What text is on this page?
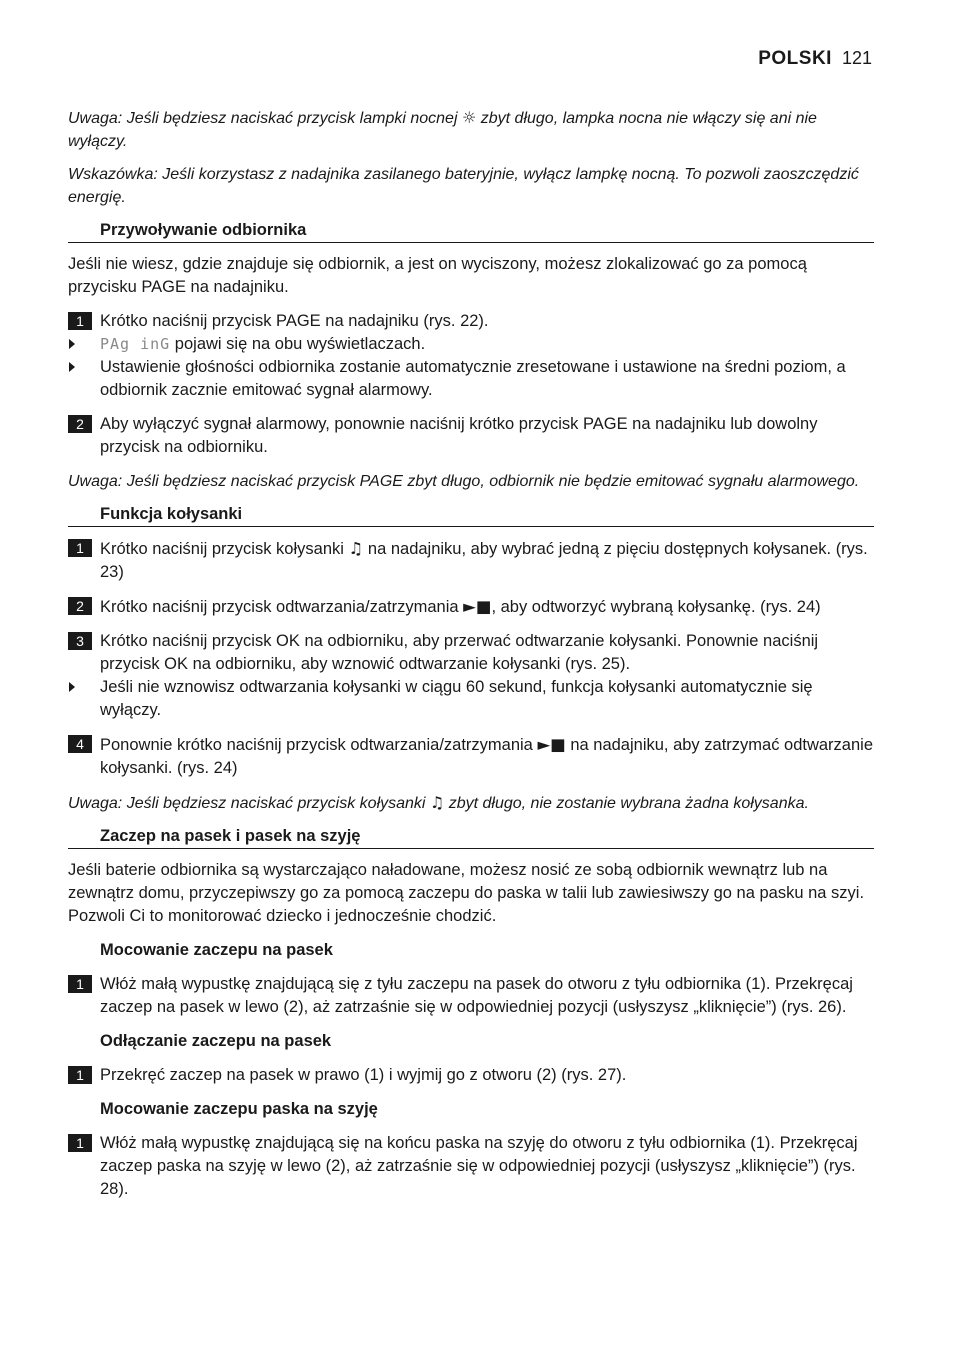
POLSKI 121

Uwaga: Jeśli będziesz naciskać przycisk lampki nocnej ☼ zbyt długo, lampka nocna nie włączy się ani nie wyłączy.

Wskazówka: Jeśli korzystasz z nadajnika zasilanego bateryjnie, wyłącz lampkę nocną. To pozwoli zaoszczędzić energię.

Przywoływanie odbiornika

Jeśli nie wiesz, gdzie znajduje się odbiornik, a jest on wyciszony, możesz zlokalizować go za pomocą przycisku PAGE na nadajniku.

1 Krótko naciśnij przycisk PAGE na nadajniku (rys. 22).
PAg inG pojawi się na obu wyświetlaczach.
Ustawienie głośności odbiornika zostanie automatycznie zresetowane i ustawione na średni poziom, a odbiornik zacznie emitować sygnał alarmowy.
2 Aby wyłączyć sygnał alarmowy, ponownie naciśnij krótko przycisk PAGE na nadajniku lub dowolny przycisk na odbiorniku.

Uwaga: Jeśli będziesz naciskać przycisk PAGE zbyt długo, odbiornik nie będzie emitować sygnału alarmowego.

Funkcja kołysanki
1 Krótko naciśnij przycisk kołysanki ♫ na nadajniku, aby wybrać jedną z pięciu dostępnych kołysanek. (rys. 23)
2 Krótko naciśnij przycisk odtwarzania/zatrzymania ►■, aby odtworzyć wybraną kołysankę. (rys. 24)
3 Krótko naciśnij przycisk OK na odbiorniku, aby przerwać odtwarzanie kołysanki. Ponownie naciśnij przycisk OK na odbiorniku, aby wznowić odtwarzanie kołysanki (rys. 25).
Jeśli nie wznowisz odtwarzania kołysanki w ciągu 60 sekund, funkcja kołysanki automatycznie się wyłączy.
4 Ponownie krótko naciśnij przycisk odtwarzania/zatrzymania ►■ na nadajniku, aby zatrzymać odtwarzanie kołysanki. (rys. 24)

Uwaga: Jeśli będziesz naciskać przycisk kołysanki ♫ zbyt długo, nie zostanie wybrana żadna kołysanka.

Zaczep na pasek i pasek na szyję

Jeśli baterie odbiornika są wystarczająco naładowane, możesz nosić ze sobą odbiornik wewnątrz lub na zewnątrz domu, przyczepiwszy go za pomocą zaczepu do paska w talii lub zawiesiwszy go na pasku na szyi. Pozwoli Ci to monitorować dziecko i jednocześnie chodzić.

Mocowanie zaczepu na pasek
1 Włóż małą wypustkę znajdującą się z tyłu zaczepu na pasek do otworu z tyłu odbiornika (1). Przekręcaj zaczep na pasek w lewo (2), aż zatrzaśnie się w odpowiedniej pozycji (usłyszysz „kliknięcie”) (rys. 26).
Odłączanie zaczepu na pasek
1 Przekręć zaczep na pasek w prawo (1) i wyjmij go z otworu (2) (rys. 27).
Mocowanie zaczepu paska na szyję
1 Włóż małą wypustkę znajdującą się na końcu paska na szyję do otworu z tyłu odbiornika (1). Przekręcaj zaczep paska na szyję w lewo (2), aż zatrzaśnie się w odpowiedniej pozycji (usłyszysz „kliknięcie”) (rys. 28).
